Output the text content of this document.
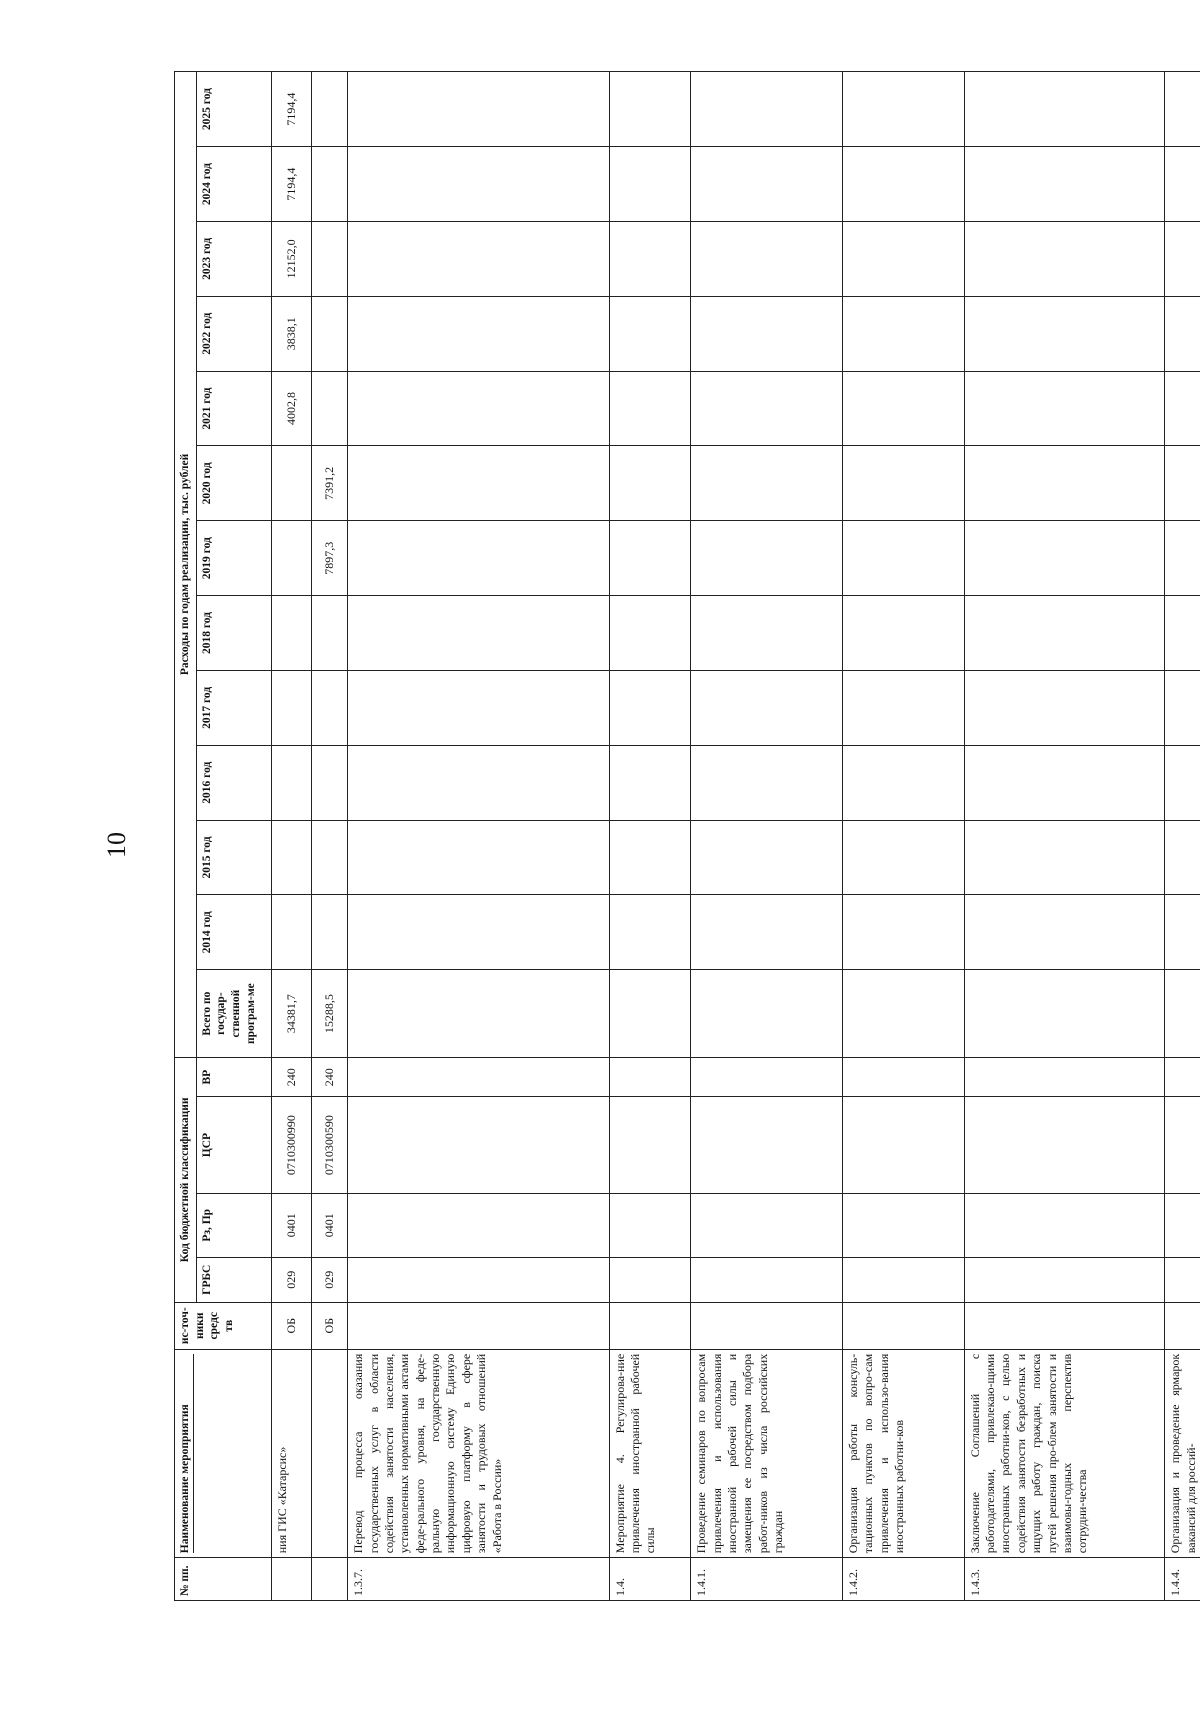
10
№ пп.	Наименование мероприятия	ис-точ-ники средс тв	Код бюджетной классификации				Расходы по годам реализации, тыс. рублей												
			ГРБС	Рз, Пр	ЦСР	ВР	Всего по государ-ственной програм-ме	2014 год	2015 год	2016 год	2017 год	2018 год	2019 год	2020 год	2021 год	2022 год	2023 год	2024 год	2025 год
	ния ГИС «Катарсис»	ОБ	029	0401	0710300990	240	34381,7								4002,8	3838,1	12152,0	7194,4	7194,4
		ОБ	029	0401	0710300590	240	15288,5						7897,3	7391,2					
1.3.7.	Перевод процесса оказания государственных услуг в области содействия занятости населения, установленных нормативными актами феде-рального уровня, на феде-ральную государственную информационную систему Единую цифровую платформу в сфере занятости и трудовых отношений «Работа в России»																		
1.4.	Мероприятие 4. Регулирова-ние привлечения иностранной рабочей силы																		
1.4.1.	Проведение семинаров по вопросам привлечения и использования иностранной рабочей силы и замещения ее посредством подбора работ-ников из числа российских граждан																		
1.4.2.	Организация работы консуль-тационных пунктов по вопро-сам привлечения и использо-вания иностранных работни-ков																		
1.4.3.	Заключение Соглашений с работодателями, привлекаю-щими иностранных работни-ков, с целью содействия занятости безработных и ищущих работу граждан, поиска путей решения про-блем занятости и взаимовы-годных перспектив сотрудни-чества																		
1.4.4.	Организация и проведение ярмарок вакансий для россий-																		
